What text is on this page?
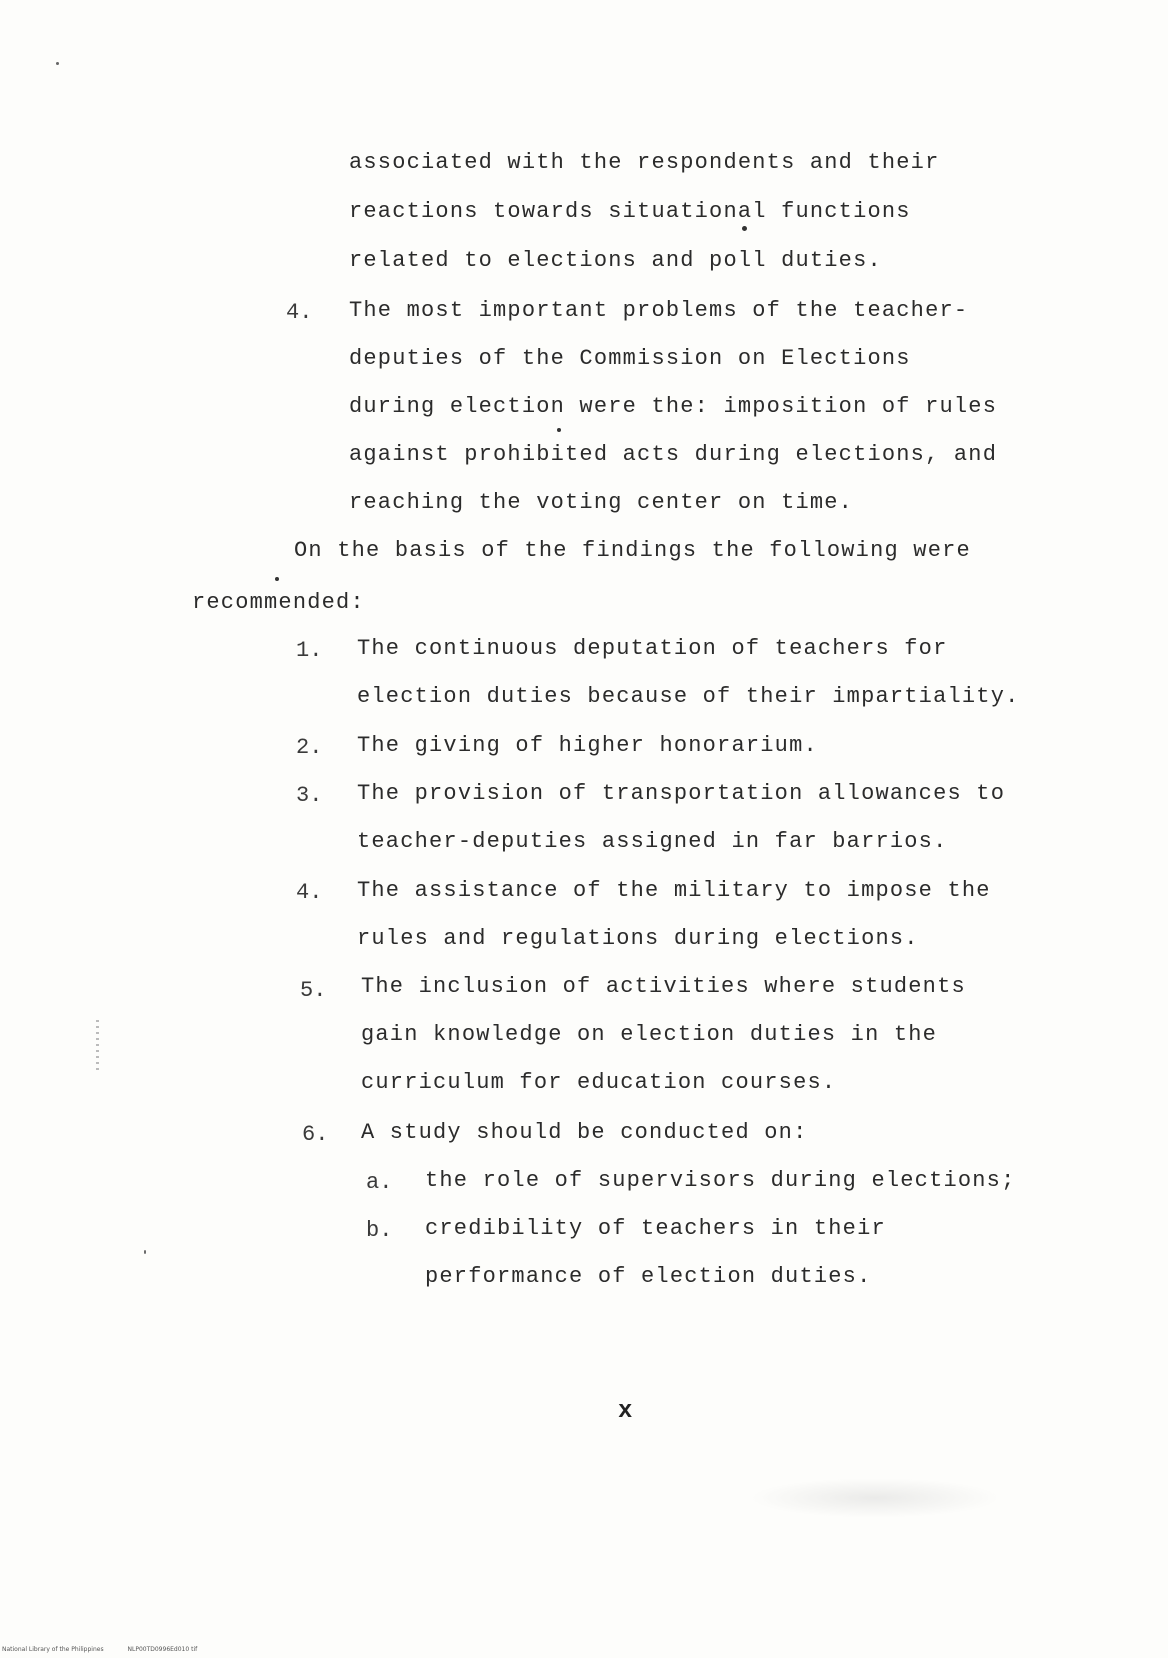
associated with the respondents and their
reactions towards situational functions
related to elections and poll duties.
4. The most important problems of the teacher-
deputies of the Commission on Elections
during election were the: imposition of rules
against prohibited acts during elections, and
reaching the voting center on time.
On the basis of the findings the following were
recommended:
1. The continuous deputation of teachers for
election duties because of their impartiality.
2. The giving of higher honorarium.
3. The provision of transportation allowances to
teacher-deputies assigned in far barrios.
4. The assistance of the military to impose the
rules and regulations during elections.
5. The inclusion of activities where students
gain knowledge on election duties in the
curriculum for education courses.
6. A study should be conducted on:
a. the role of supervisors during elections;
b. credibility of teachers in their
performance of election duties.
x
National Library of the Philippines	NLP00TD0996Ed010 tif
